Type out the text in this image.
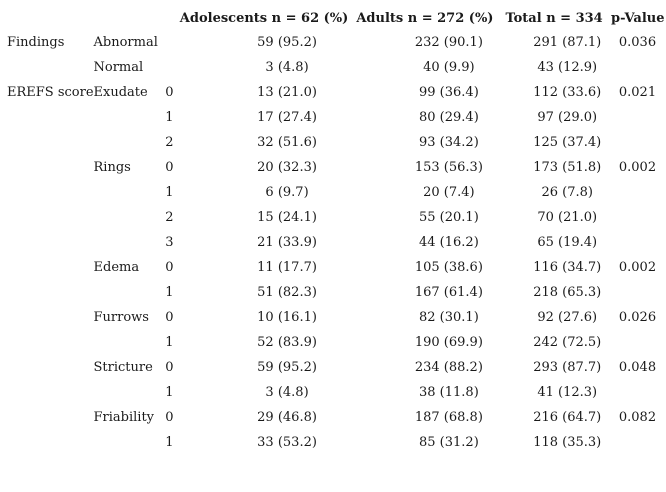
			Adolescents n = 62 (%)	Adults n = 272 (%)	Total n = 334	p-Value
Findings	Abnormal		59 (95.2)	232 (90.1)	291 (87.1)	0.036
	Normal		3 (4.8)	40 (9.9)	43 (12.9)	
EREFS score	Exudate	0	13 (21.0)	99 (36.4)	112 (33.6)	0.021
		1	17 (27.4)	80 (29.4)	97 (29.0)	
		2	32 (51.6)	93 (34.2)	125 (37.4)	
	Rings	0	20 (32.3)	153 (56.3)	173 (51.8)	0.002
		1	6 (9.7)	20 (7.4)	26 (7.8)	
		2	15 (24.1)	55 (20.1)	70 (21.0)	
		3	21 (33.9)	44 (16.2)	65 (19.4)	
	Edema	0	11 (17.7)	105 (38.6)	116 (34.7)	0.002
		1	51 (82.3)	167 (61.4)	218 (65.3)	
	Furrows	0	10 (16.1)	82 (30.1)	92 (27.6)	0.026
		1	52 (83.9)	190 (69.9)	242 (72.5)	
	Stricture	0	59 (95.2)	234 (88.2)	293 (87.7)	0.048
		1	3 (4.8)	38 (11.8)	41 (12.3)	
	Friability	0	29 (46.8)	187 (68.8)	216 (64.7)	0.082
		1	33 (53.2)	85 (31.2)	118 (35.3)	
